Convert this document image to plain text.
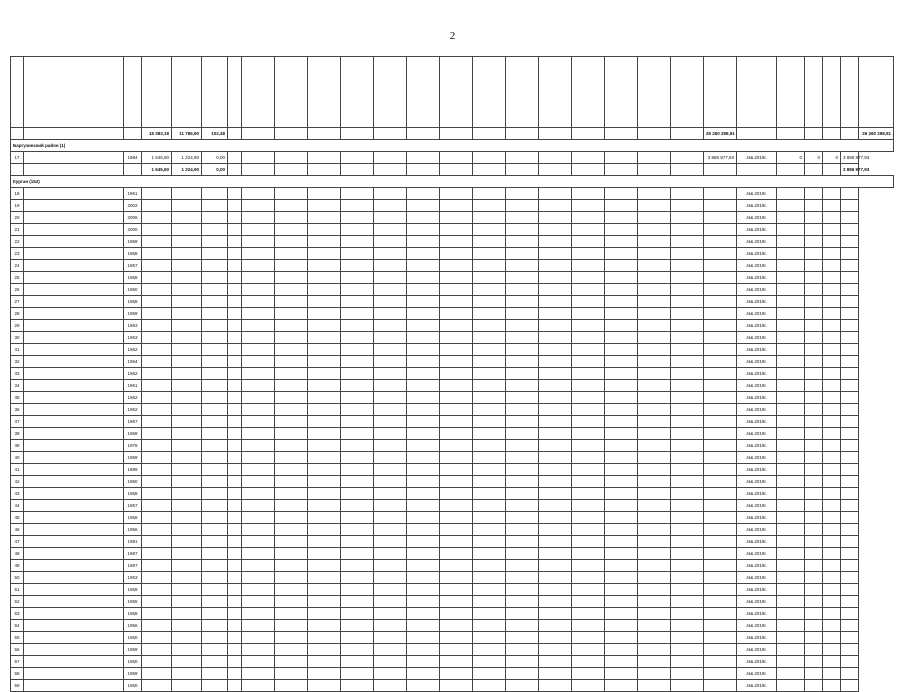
2

			16 383,18	11 786,90	102,48																26 260 298,91						26 260 298,91
Баргузинский район (1)																											
17		1984	1 645,60	1 224,90	0,00																3 886 977,93	4кв.2019г.	0	0	0	3 886 977,93	
			1 645,60	1 224,90	0,00																					3 886 977,93	
Курган (152)																											
18		1961																				4кв.2019г.					
19		2002																				4кв.2019г.					
20		2006																				4кв.2019г.					
21		2000																				4кв.2019г.					
22		1969																				4кв.2019г.					
23		1968																				4кв.2019г.					
24		1957																				4кв.2019г.					
25		1958																				4кв.2019г.					
26		1960																				4кв.2019г.					
27		1958																				4кв.2019г.					
28		1959																				4кв.2019г.					
29		1963																				4кв.2019г.					
30		1963																				4кв.2019г.					
31		1962																				4кв.2019г.					
32		1964																				4кв.2019г.					
33		1962																				4кв.2019г.					
34		1961																				4кв.2019г.					
35		1962																				4кв.2019г.					
36		1962																				4кв.2019г.					
37		1967																				4кв.2019г.					
38		1968																				4кв.2019г.					
39		1978																				4кв.2019г.					
40		1959																				4кв.2019г.					
41		1989																				4кв.2019г.					
42		1960																				4кв.2019г.					
43		1958																				4кв.2019г.					
44		1957																				4кв.2019г.					
45		1956																				4кв.2019г.					
46		1956																				4кв.2019г.					
47		1981																				4кв.2019г.					
48		1987																				4кв.2019г.					
49		1987																				4кв.2019г.					
50		1953																				4кв.2019г.					
51		1959																				4кв.2019г.					
52		1965																				4кв.2019г.					
53		1958																				4кв.2019г.					
54		1956																				4кв.2019г.					
55		1960																				4кв.2019г.					
56		1959																				4кв.2019г.					
57		1960																				4кв.2019г.					
58		1959																				4кв.2019г.					
59		1960																				4кв.2019г.					
